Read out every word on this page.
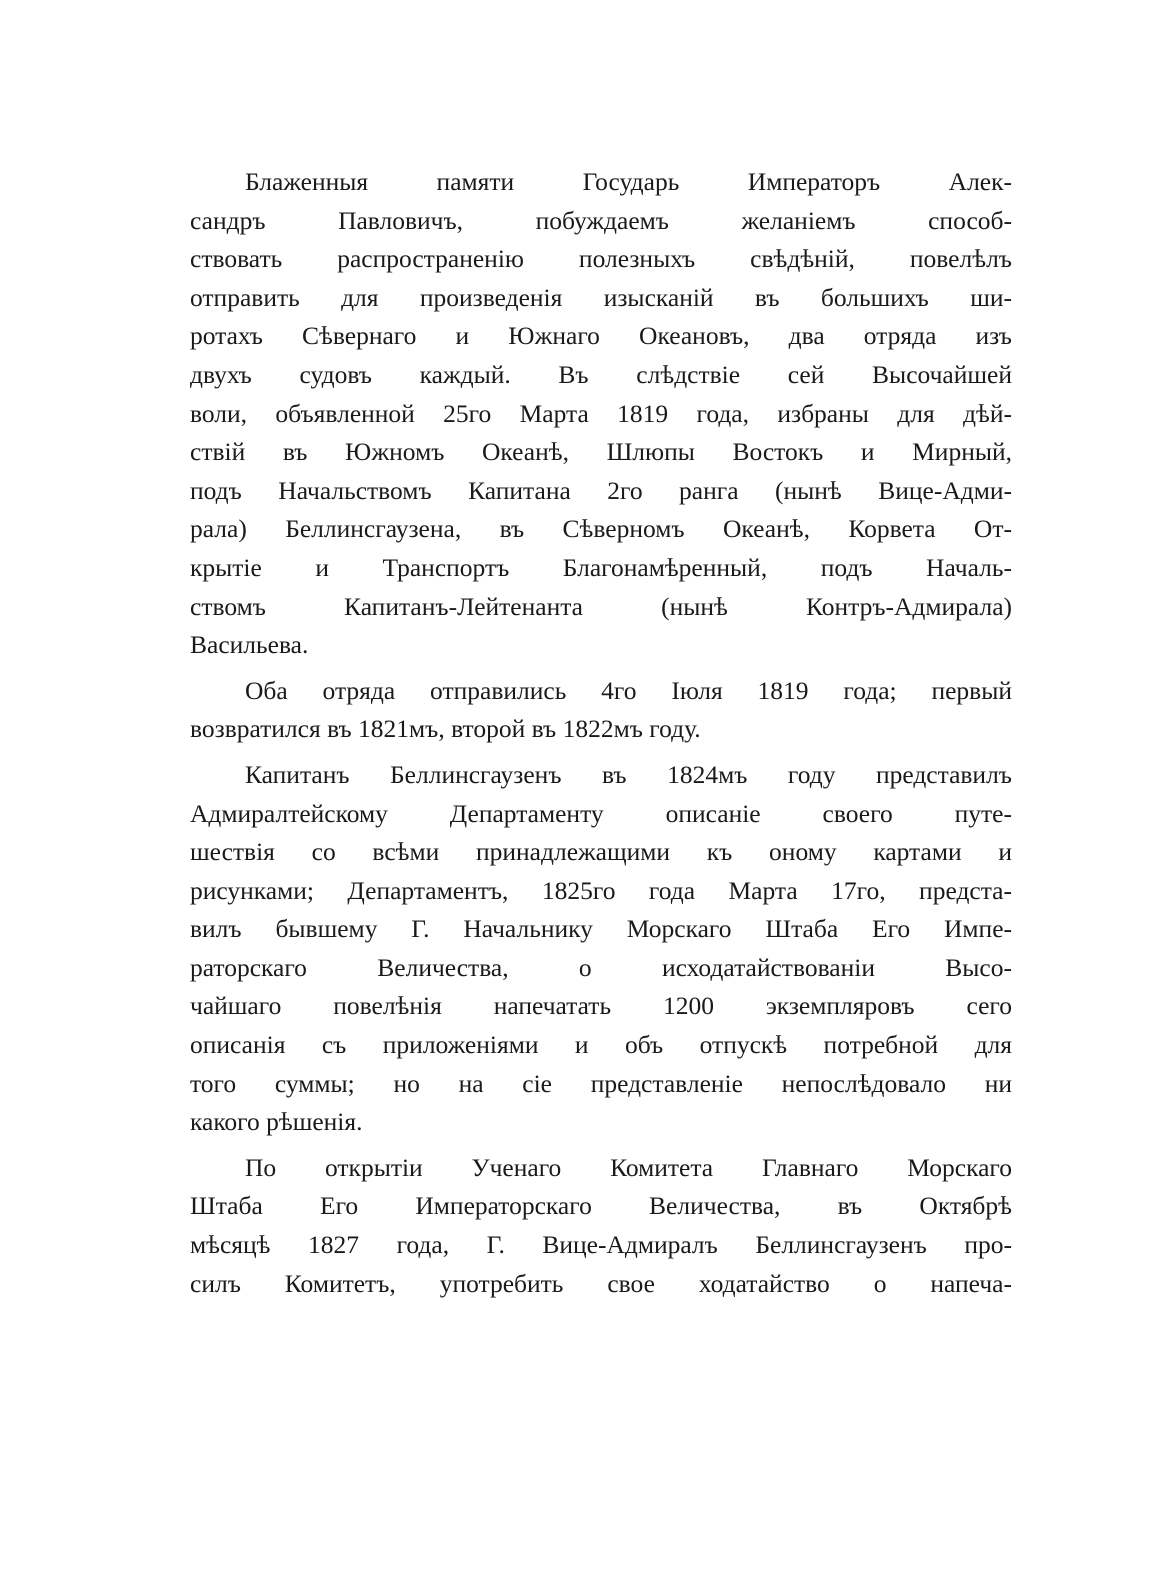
Блаженныя памяти Государь Императоръ Алек-
сандръ Павловичъ, побуждаемъ желаніемъ способ-
ствовать распространенію полезныхъ свѣдѣній, повелѣлъ
отправить для произведенія изысканій въ большихъ ши-
ротахъ Сѣвернаго и Южнаго Океановъ, два отряда изъ
двухъ судовъ каждый. Въ слѣдствіе сей Высочайшей
воли, объявленной 25го Марта 1819 года, избраны для дѣй-
ствій въ Южномъ Океанѣ, Шлюпы Востокъ и Мирный,
подъ Начальствомъ Капитана 2го ранга (нынѣ Вице-Адми-
рала) Беллинсгаузена, въ Сѣверномъ Океанѣ, Корвета От-
крытіе и Транспортъ Благонамѣренный, подъ Началь-
ствомъ Капитанъ-Лейтенанта (нынѣ Контръ-Адмирала)
Васильева.
Оба отряда отправились 4го Іюля 1819 года; первый
возвратился въ 1821мъ, второй въ 1822мъ году.
Капитанъ Беллинсгаузенъ въ 1824мъ году представилъ
Адмиралтейскому Департаменту описаніе своего путе-
шествія со всѣми принадлежащими къ оному картами и
рисунками; Департаментъ, 1825го года Марта 17го, предста-
вилъ бывшему Г. Начальнику Морскаго Штаба Его Импе-
раторскаго Величества, о исходатайствованіи Высо-
чайшаго повелѣнія напечатать 1200 экземпляровъ сего
описанія съ приложеніями и объ отпускѣ потребной для
того суммы; но на сіе представленіе непослѣдовало ни
какого рѣшенія.
По открытіи Ученаго Комитета Главнаго Морскаго
Штаба Его Императорскаго Величества, въ Октябрѣ
мѣсяцѣ 1827 года, Г. Вице-Адмиралъ Беллинсгаузенъ про-
силъ Комитетъ, употребить свое ходатайство о напеча-
